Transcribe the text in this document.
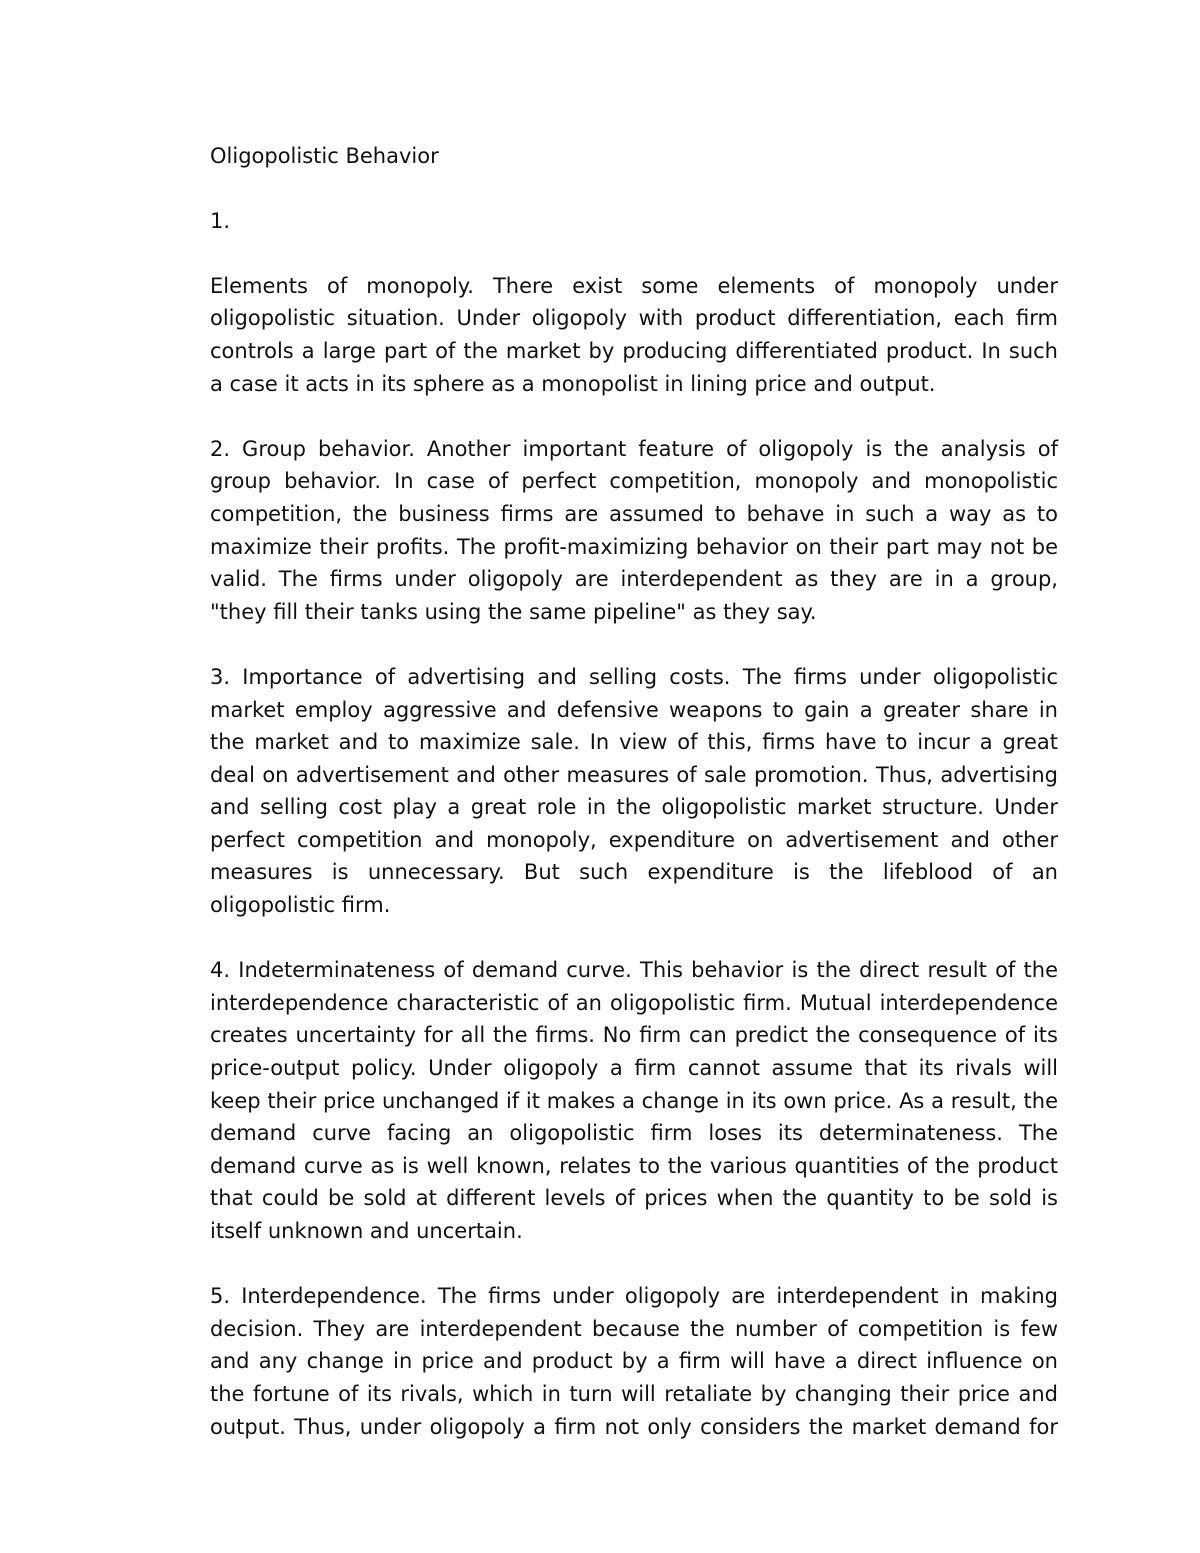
Oligopolistic Behavior
1.

Elements of monopoly. There exist some elements of monopoly under oligopolistic situation. Under oligopoly with product differentiation, each firm controls a large part of the market by producing differentiated product. In such a case it acts in its sphere as a monopolist in lining price and output.

2. Group behavior. Another important feature of oligopoly is the analysis of group behavior. In case of perfect competition, monopoly and monopolistic competition, the business firms are assumed to behave in such a way as to maximize their profits. The profit-maximizing behavior on their part may not be valid. The firms under oligopoly are interdependent as they are in a group, "they fill their tanks using the same pipeline" as they say.

3. Importance of advertising and selling costs. The firms under oligopolistic market employ aggressive and defensive weapons to gain a greater share in the market and to maximize sale. In view of this, firms have to incur a great deal on advertisement and other measures of sale promotion. Thus, advertising and selling cost play a great role in the oligopolistic market structure. Under perfect competition and monopoly, expenditure on advertisement and other measures is unnecessary. But such expenditure is the lifeblood of an oligopolistic firm.

4. Indeterminateness of demand curve. This behavior is the direct result of the interdependence characteristic of an oligopolistic firm. Mutual interdependence creates uncertainty for all the firms. No firm can predict the consequence of its price-output policy. Under oligopoly a firm cannot assume that its rivals will keep their price unchanged if it makes a change in its own price. As a result, the demand curve facing an oligopolistic firm loses its determinateness. The demand curve as is well known, relates to the various quantities of the product that could be sold at different levels of prices when the quantity to be sold is itself unknown and uncertain.

5. Interdependence. The firms under oligopoly are interdependent in making decision. They are interdependent because the number of competition is few and any change in price and product by a firm will have a direct influence on the fortune of its rivals, which in turn will retaliate by changing their price and output. Thus, under oligopoly a firm not only considers the market demand for
